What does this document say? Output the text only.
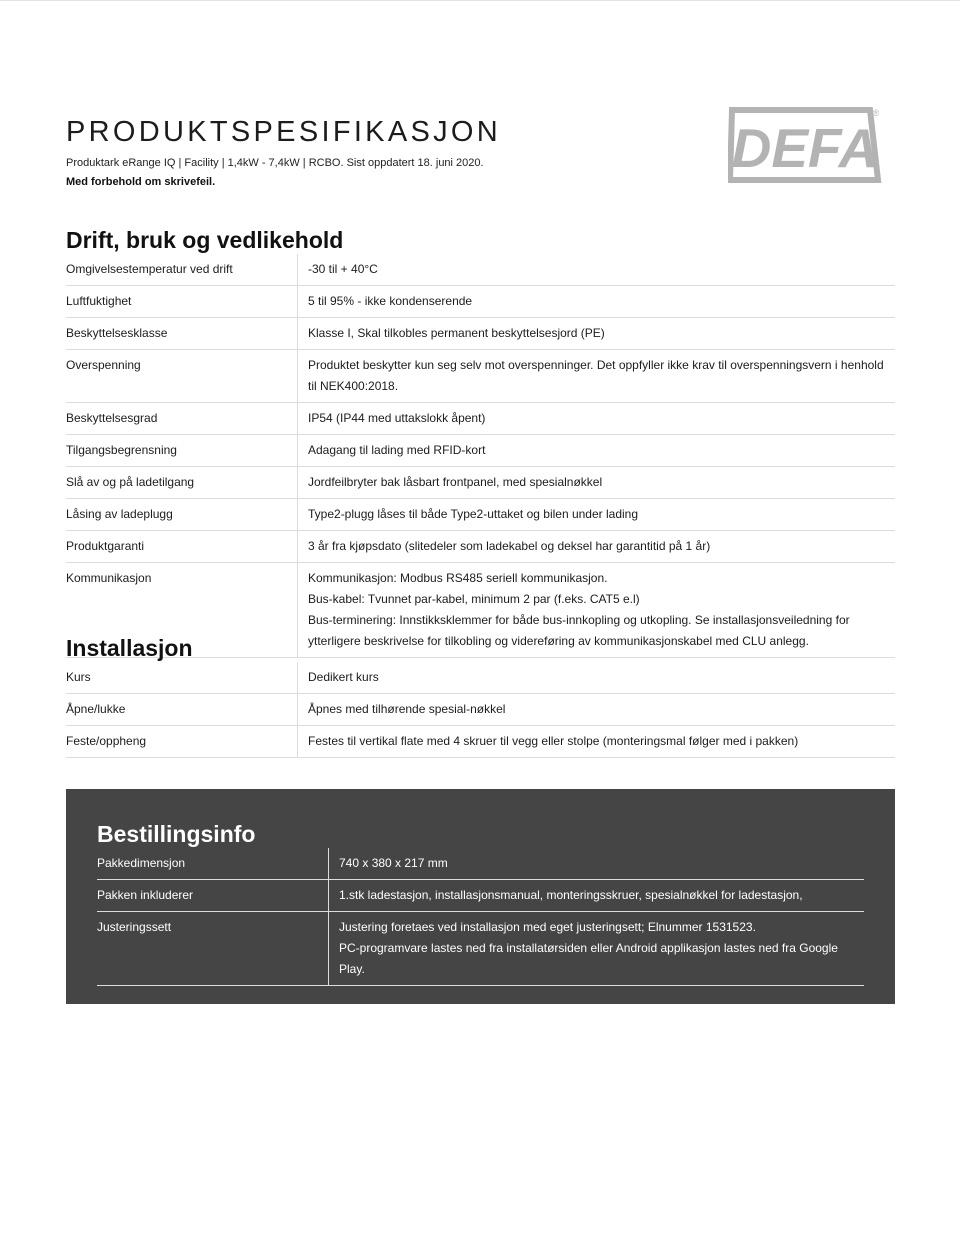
PRODUKTSPESIFIKASJON
Produktark eRange IQ | Facility | 1,4kW - 7,4kW | RCBO. Sist oppdatert 18. juni 2020.
Med forbehold om skrivefeil.
DEFA
®
Drift, bruk og vedlikehold
Omgivelsestemperatur ved drift	-30 til + 40°C
Luftfuktighet	5 til 95% - ikke kondenserende
Beskyttelsesklasse	Klasse I, Skal tilkobles permanent beskyttelsesjord (PE)
Overspenning	Produktet beskytter kun seg selv mot overspenninger. Det oppfyller ikke krav til overspenningsvern i henhold til NEK400:2018.
Beskyttelsesgrad	IP54 (IP44 med uttakslokk åpent)
Tilgangsbegrensning	Adagang til lading med RFID-kort
Slå av og på ladetilgang	Jordfeilbryter bak låsbart frontpanel, med spesialnøkkel
Låsing av ladeplugg	Type2-plugg låses til både Type2-uttaket og bilen under lading
Produktgaranti	3 år fra kjøpsdato (slitedeler som ladekabel og deksel har garantitid på 1 år)
Kommunikasjon	Kommunikasjon: Modbus RS485 seriell kommunikasjon.
Bus-kabel: Tvunnet par-kabel, minimum 2 par (f.eks. CAT5 e.l)
Bus-terminering: Innstikksklemmer for både bus-innkopling og utkopling. Se installasjonsveiledning for ytterligere beskrivelse for tilkobling og videreføring av kommunikasjonskabel med CLU anlegg.
Installasjon
Kurs	Dedikert kurs
Åpne/lukke	Åpnes med tilhørende spesial-nøkkel
Feste/oppheng	Festes til vertikal flate med 4 skruer til vegg eller stolpe (monteringsmal følger med i pakken)
Bestillingsinfo
Pakkedimensjon	740 x 380 x 217 mm
Pakken inkluderer	1.stk ladestasjon, installasjonsmanual, monteringsskruer, spesialnøkkel for ladestasjon,
Justeringssett	Justering foretaes ved installasjon med eget justeringsett; Elnummer 1531523.
PC-programvare lastes ned fra installatørsiden eller Android applikasjon lastes ned fra Google Play.
